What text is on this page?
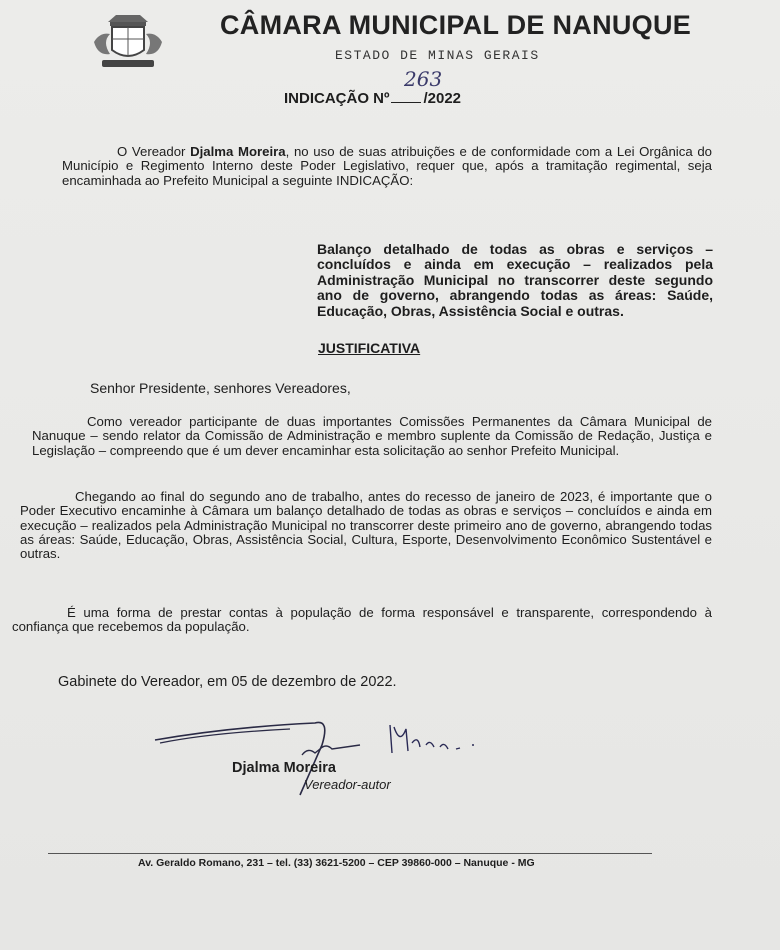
CÂMARA MUNICIPAL DE NANUQUE
ESTADO DE MINAS GERAIS
INDICAÇÃO Nº /2022
263
O Vereador Djalma Moreira, no uso de suas atribuições e de conformidade com a Lei Orgânica do Município e Regimento Interno deste Poder Legislativo, requer que, após a tramitação regimental, seja encaminhada ao Prefeito Municipal a seguinte INDICAÇÃO:
Balanço detalhado de todas as obras e serviços – concluídos e ainda em execução – realizados pela Administração Municipal no transcorrer deste segundo ano de governo, abrangendo todas as áreas: Saúde, Educação, Obras, Assistência Social e outras.
JUSTIFICATIVA
Senhor Presidente, senhores Vereadores,
Como vereador participante de duas importantes Comissões Permanentes da Câmara Municipal de Nanuque – sendo relator da Comissão de Administração e membro suplente da Comissão de Redação, Justiça e Legislação – compreendo que é um dever encaminhar esta solicitação ao senhor Prefeito Municipal.
Chegando ao final do segundo ano de trabalho, antes do recesso de janeiro de 2023, é importante que o Poder Executivo encaminhe à Câmara um balanço detalhado de todas as obras e serviços – concluídos e ainda em execução – realizados pela Administração Municipal no transcorrer deste primeiro ano de governo, abrangendo todas as áreas: Saúde, Educação, Obras, Assistência Social, Cultura, Esporte, Desenvolvimento Econômico Sustentável e outras.
É uma forma de prestar contas à população de forma responsável e transparente, correspondendo à confiança que recebemos da população.
Gabinete do Vereador, em 05 de dezembro de 2022.
Djalma Moreira
Vereador-autor
Av. Geraldo Romano, 231 – tel. (33) 3621-5200 – CEP 39860-000 – Nanuque - MG
